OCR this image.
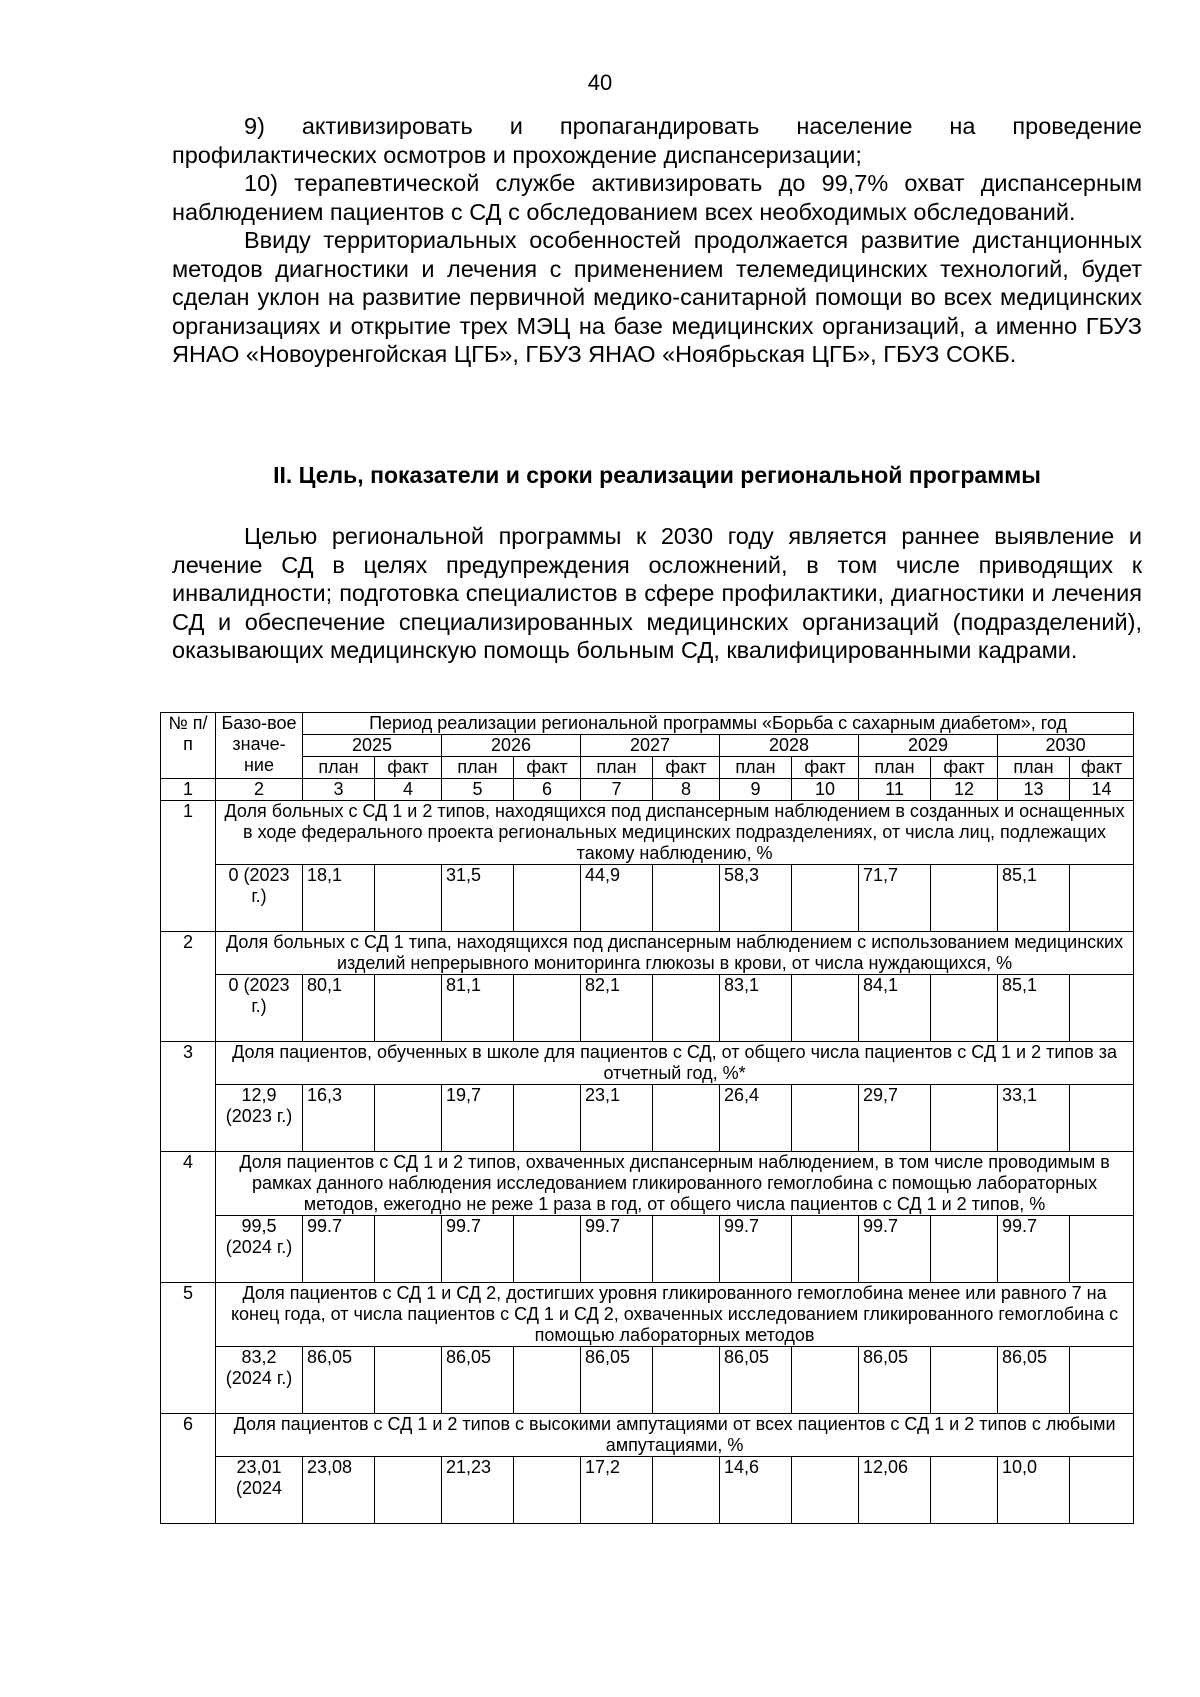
40

9) активизировать и пропагандировать население на проведение профилактических осмотров и прохождение диспансеризации;

10) терапевтической службе активизировать до 99,7% охват диспансерным наблюдением пациентов с СД с обследованием всех необходимых обследований.

Ввиду территориальных особенностей продолжается развитие дистанционных методов диагностики и лечения с применением телемедицинских технологий, будет сделан уклон на развитие первичной медико-санитарной помощи во всех медицинских организациях и открытие трех МЭЦ на базе медицинских организаций, а именно ГБУЗ ЯНАО «Новоуренгойская ЦГБ», ГБУЗ ЯНАО «Ноябрьская ЦГБ», ГБУЗ СОКБ.

II. Цель, показатели и сроки реализации региональной программы

Целью региональной программы к 2030 году является раннее выявление и лечение СД в целях предупреждения осложнений, в том числе приводящих к инвалидности; подготовка специалистов в сфере профилактики, диагностики и лечения СД и обеспечение специализированных медицинских организаций (подразделений), оказывающих медицинскую помощь больным СД, квалифицированными кадрами.

№ п/п	Базо-вое значе-ние	Период реализации региональной программы «Борьба с сахарным диабетом», год											
		2025		2026		2027		2028		2029		2030	
		план	факт	план	факт	план	факт	план	факт	план	факт	план	факт
1	2	3	4	5	6	7	8	9	10	11	12	13	14
1	Доля больных с СД 1 и 2 типов, находящихся под диспансерным наблюдением в созданных и оснащенных в ходе федерального проекта региональных медицинских подразделениях, от числа лиц, подлежащих такому наблюдению, %												
	0 (2023 г.)	18,1		31,5		44,9		58,3		71,7		85,1	
2	Доля больных с СД 1 типа, находящихся под диспансерным наблюдением с использованием медицинских изделий непрерывного мониторинга глюкозы в крови, от числа нуждающихся, %												
	0 (2023 г.)	80,1		81,1		82,1		83,1		84,1		85,1	
3	Доля пациентов, обученных в школе для пациентов с СД, от общего числа пациентов с СД 1 и 2 типов за отчетный год, %*												
	12,9 (2023 г.)	16,3		19,7		23,1		26,4		29,7		33,1	
4	Доля пациентов с СД 1 и 2 типов, охваченных диспансерным наблюдением, в том числе проводимым в рамках данного наблюдения исследованием гликированного гемоглобина с помощью лабораторных методов, ежегодно не реже 1 раза в год, от общего числа пациентов с СД 1 и 2 типов, %												
	99,5 (2024 г.)	99.7		99.7		99.7		99.7		99.7		99.7	
5	Доля пациентов с СД 1 и СД 2, достигших уровня гликированного гемоглобина менее или равного 7 на конец года, от числа пациентов с СД 1 и СД 2, охваченных исследованием гликированного гемоглобина с помощью лабораторных методов												
	83,2 (2024 г.)	86,05		86,05		86,05		86,05		86,05		86,05	
6	Доля пациентов с СД 1 и 2 типов с высокими ампутациями от всех пациентов с СД 1 и 2 типов с любыми ампутациями, %												
	23,01 (2024	23,08		21,23		17,2		14,6		12,06		10,0	
